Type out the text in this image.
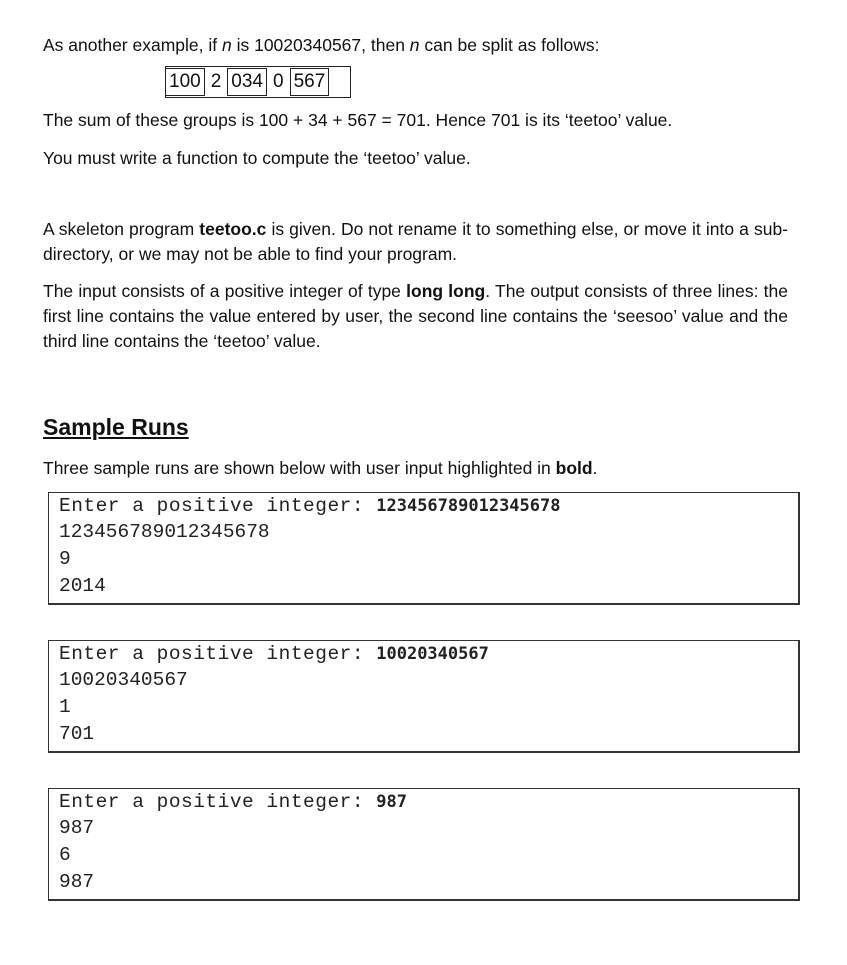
As another example, if n is 10020340567, then n can be split as follows:

100 2 034 0 567

The sum of these groups is 100 + 34 + 567 = 701. Hence 701 is its ‘teetoo’ value.

You must write a function to compute the ‘teetoo’ value.

A skeleton program teetoo.c is given. Do not rename it to something else, or move it into a sub-directory, or we may not be able to find your program.

The input consists of a positive integer of type long long. The output consists of three lines: the first line contains the value entered by user, the second line contains the ‘seesoo’ value and the third line contains the ‘teetoo’ value.

Sample Runs

Three sample runs are shown below with user input highlighted in bold.

Enter a positive integer: 123456789012345678
123456789012345678
9
2014
Enter a positive integer: 10020340567
10020340567
1
701
Enter a positive integer: 987
987
6
987
